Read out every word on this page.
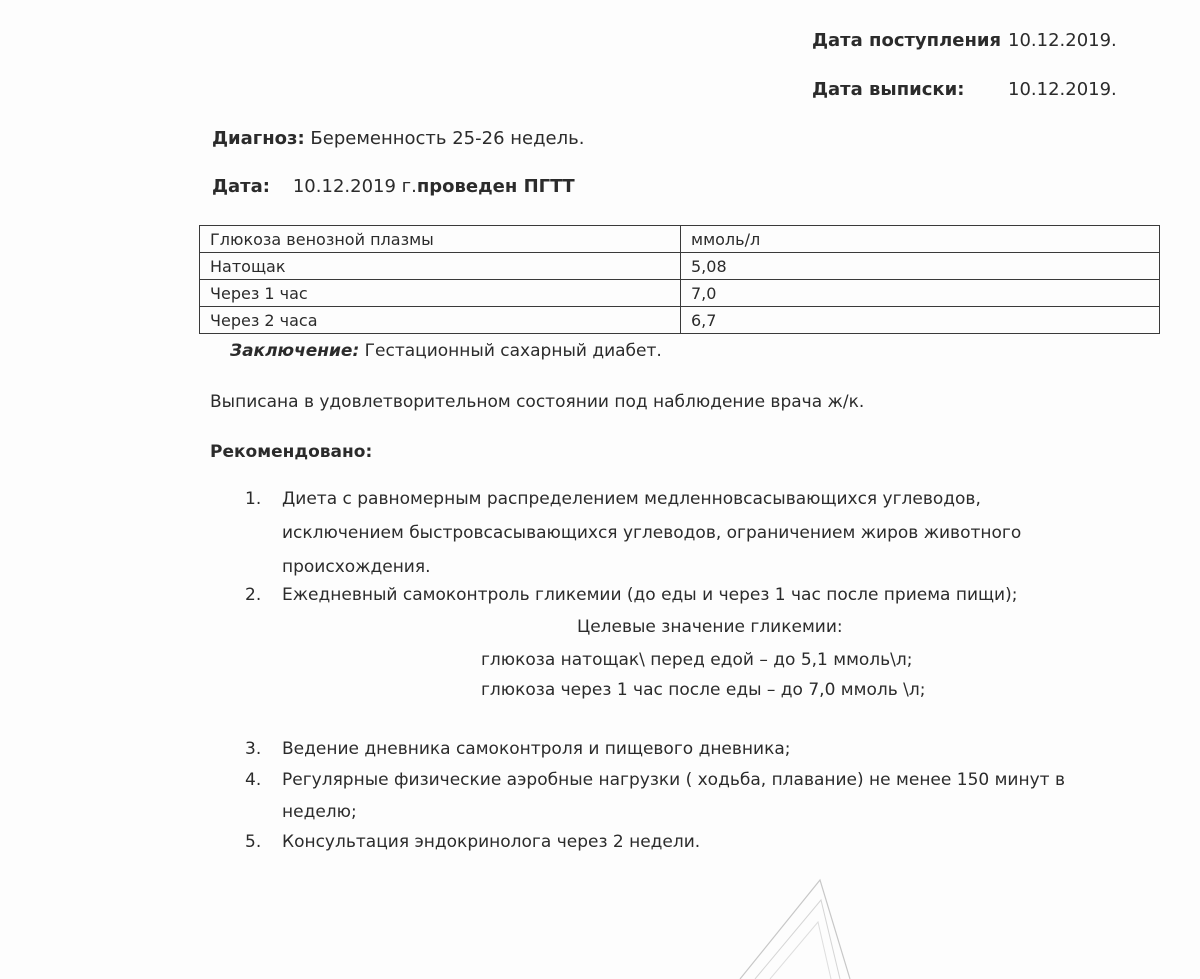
Дата поступления 10.12.2019.
Дата выписки: 10.12.2019.
Диагноз: Беременность 25-26 недель.
Дата: 10.12.2019 г.проведен ПГТТ
Глюкоза венозной плазмы	ммоль/л
Натощак	5,08
Через 1 час	7,0
Через 2 часа	6,7
Заключение: Гестационный сахарный диабет.
Выписана в удовлетворительном состоянии под наблюдение врача ж/к.
Рекомендовано:
1.	Диета с равномерным распределением медленновсасывающихся углеводов,
исключением быстровсасывающихся углеводов, ограничением жиров животного
происхождения.
2.	Ежедневный самоконтроль гликемии (до еды и через 1 час после приема пищи);
Целевые значение гликемии:
глюкоза натощак\ перед едой – до 5,1 ммоль\л;
глюкоза через 1 час после еды – до 7,0 ммоль \л;
3.	Ведение дневника самоконтроля и пищевого дневника;
4.	Регулярные физические аэробные нагрузки ( ходьба, плавание) не менее 150 минут в
неделю;
5.	Консультация эндокринолога через 2 недели.
